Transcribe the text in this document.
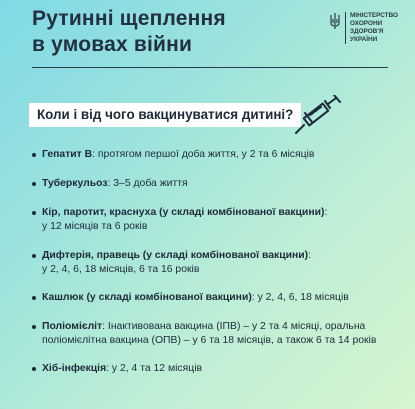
Рутинні щеплення
в умовах війни
МІНІСТЕРСТВО
ОХОРОНИ
ЗДОРОВ'Я
УКРАЇНИ
Коли і від чого вакцинуватися дитині?
Гепатит В: протягом першої доба життя, у 2 та 6 місяців
Туберкульоз: 3–5 доба життя
Кір, паротит, краснуха (у складі комбінованої вакцини):
у 12 місяців та 6 років
Дифтерія, правець (у складі комбінованої вакцини):
у 2, 4, 6, 18 місяців, 6 та 16 років
Кашлюк (у складі комбінованої вакцини): у 2, 4, 6, 18 місяців
Поліомієліт: Інактивована вакцина (ІПВ) – у 2 та 4 місяці, оральна
поліомієлітна вакцина (ОПВ) – у 6 та 18 місяців, а також 6 та 14 років
Хіб-інфекція: у 2, 4 та 12 місяців
